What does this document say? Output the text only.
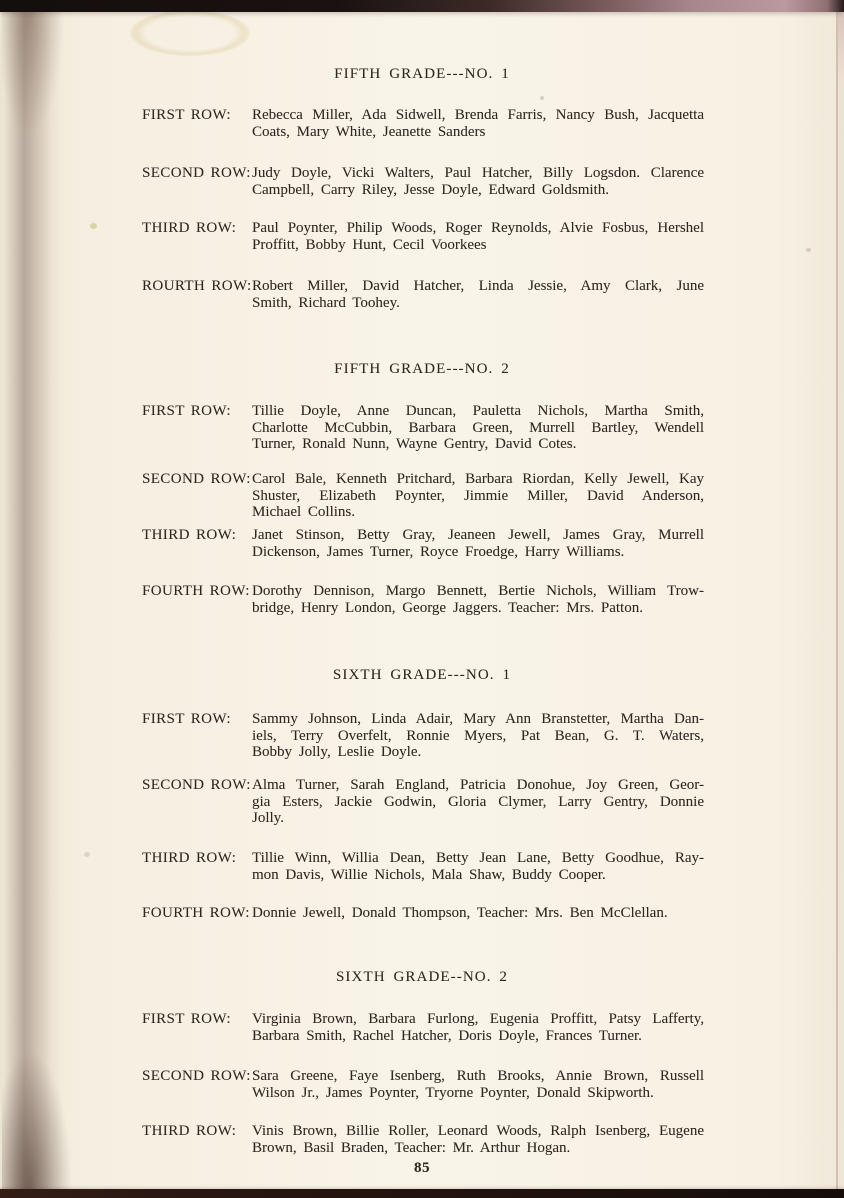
FIFTH GRADE---NO. 1
FIRST ROW:	Rebecca Miller, Ada Sidwell, Brenda Farris, Nancy Bush, Jacquetta
Coats, Mary White, Jeanette Sanders
SECOND ROW: Judy Doyle, Vicki Walters, Paul Hatcher, Billy Logsdon. Clarence
Campbell, Carry Riley, Jesse Doyle, Edward Goldsmith.
THIRD ROW:	Paul Poynter, Philip Woods, Roger Reynolds, Alvie Fosbus, Hershel
Proffitt, Bobby Hunt, Cecil Voorkees
ROURTH ROW: Robert Miller, David Hatcher, Linda Jessie, Amy Clark, June
Smith, Richard Toohey.
FIFTH GRADE---NO. 2
FIRST ROW:	Tillie Doyle, Anne Duncan, Pauletta Nichols, Martha Smith,
Charlotte McCubbin, Barbara Green, Murrell Bartley, Wendell
Turner, Ronald Nunn, Wayne Gentry, David Cotes.
SECOND ROW: Carol Bale, Kenneth Pritchard, Barbara Riordan, Kelly Jewell, Kay
Shuster, Elizabeth Poynter, Jimmie Miller, David Anderson,
Michael Collins.
THIRD ROW:	Janet Stinson, Betty Gray, Jeaneen Jewell, James Gray, Murrell
Dickenson, James Turner, Royce Froedge, Harry Williams.
FOURTH ROW: Dorothy Dennison, Margo Bennett, Bertie Nichols, William Trow-
bridge, Henry London, George Jaggers. Teacher: Mrs. Patton.
SIXTH GRADE---NO. 1
FIRST ROW:	Sammy Johnson, Linda Adair, Mary Ann Branstetter, Martha Dan-
iels, Terry Overfelt, Ronnie Myers, Pat Bean, G. T. Waters,
Bobby Jolly, Leslie Doyle.
SECOND ROW: Alma Turner, Sarah England, Patricia Donohue, Joy Green, Geor-
gia Esters, Jackie Godwin, Gloria Clymer, Larry Gentry, Donnie
Jolly.
THIRD ROW:	Tillie Winn, Willia Dean, Betty Jean Lane, Betty Goodhue, Ray-
mon Davis, Willie Nichols, Mala Shaw, Buddy Cooper.
FOURTH ROW: Donnie Jewell, Donald Thompson, Teacher: Mrs. Ben McClellan.
SIXTH GRADE--NO. 2
FIRST ROW:	Virginia Brown, Barbara Furlong, Eugenia Proffitt, Patsy Lafferty,
Barbara Smith, Rachel Hatcher, Doris Doyle, Frances Turner.
SECOND ROW: Sara Greene, Faye Isenberg, Ruth Brooks, Annie Brown, Russell
Wilson Jr., James Poynter, Tryorne Poynter, Donald Skipworth.
THIRD ROW:	Vinis Brown, Billie Roller, Leonard Woods, Ralph Isenberg, Eugene
Brown, Basil Braden, Teacher: Mr. Arthur Hogan.
85
